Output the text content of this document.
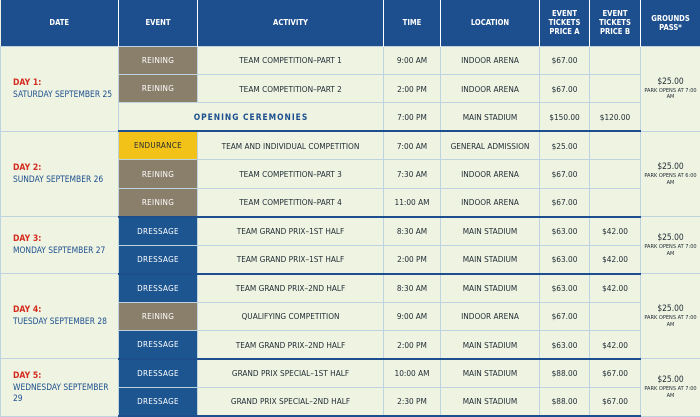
DATE	EVENT	ACTIVITY	TIME	LOCATION	EVENT TICKETS PRICE A	EVENT TICKETS PRICE B	GROUNDS PASS*

DAY 1:
SATURDAY SEPTEMBER 25	REINING	TEAM COMPETITION–PART 1	9:00 AM	INDOOR ARENA	$67.00		$25.00
PARK OPENS AT 7:00 AM

	REINING	TEAM COMPETITION–PART 2	2:00 PM	INDOOR ARENA	$67.00		
	OPENING CEREMONIES		7:00 PM	MAIN STADIUM	$150.00	$120.00	

DAY 2:
SUNDAY SEPTEMBER 26	ENDURANCE	TEAM AND INDIVIDUAL COMPETITION	7:00 AM	GENERAL ADMISSION	$25.00		$25.00
PARK OPENS AT 6:00 AM

	REINING	TEAM COMPETITION–PART 3	7:30 AM	INDOOR ARENA	$67.00		
	REINING	TEAM COMPETITION–PART 4	11:00 AM	INDOOR ARENA	$67.00		

DAY 3:
MONDAY SEPTEMBER 27	DRESSAGE	TEAM GRAND PRIX–1ST HALF	8:30 AM	MAIN STADIUM	$63.00	$42.00	$25.00
PARK OPENS AT 7:00 AM

	DRESSAGE	TEAM GRAND PRIX–1ST HALF	2:00 PM	MAIN STADIUM	$63.00	$42.00	

DAY 4:
TUESDAY SEPTEMBER 28	DRESSAGE	TEAM GRAND PRIX–2ND HALF	8:30 AM	MAIN STADIUM	$63.00	$42.00	$25.00
PARK OPENS AT 7:00 AM

	REINING	QUALIFYING COMPETITION	9:00 AM	INDOOR ARENA	$67.00		
	DRESSAGE	TEAM GRAND PRIX–2ND HALF	2:00 PM	MAIN STADIUM	$63.00	$42.00	

DAY 5:
WEDNESDAY SEPTEMBER 29	DRESSAGE	GRAND PRIX SPECIAL–1ST HALF	10:00 AM	MAIN STADIUM	$88.00	$67.00	$25.00
PARK OPENS AT 7:00 AM

	DRESSAGE	GRAND PRIX SPECIAL–2ND HALF	2:30 PM	MAIN STADIUM	$88.00	$67.00	
